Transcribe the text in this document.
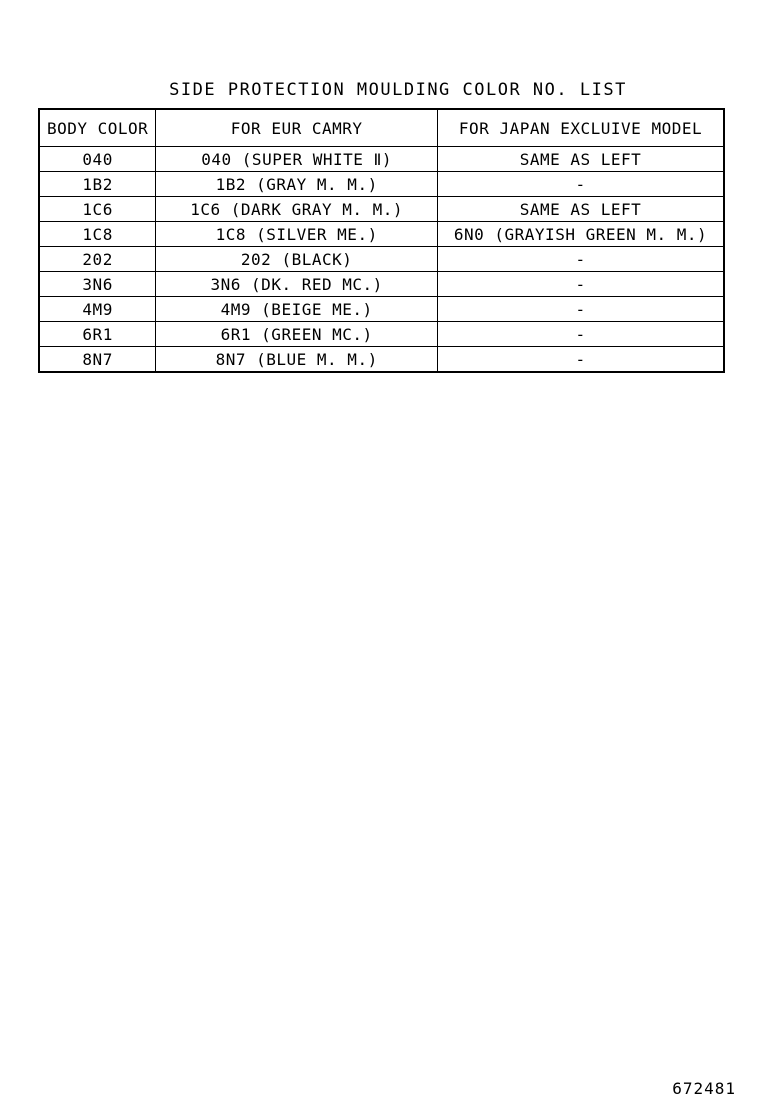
SIDE PROTECTION MOULDING COLOR NO. LIST
BODY COLOR	FOR EUR CAMRY	FOR JAPAN EXCLUIVE MODEL
040	040 (SUPER WHITE Ⅱ)	SAME AS LEFT
1B2	1B2 (GRAY M. M.)	-
1C6	1C6 (DARK GRAY M. M.)	SAME AS LEFT
1C8	1C8 (SILVER ME.)	6N0 (GRAYISH GREEN M. M.)
202	202 (BLACK)	-
3N6	3N6 (DK. RED MC.)	-
4M9	4M9 (BEIGE ME.)	-
6R1	6R1 (GREEN MC.)	-
8N7	8N7 (BLUE M. M.)	-
672481
